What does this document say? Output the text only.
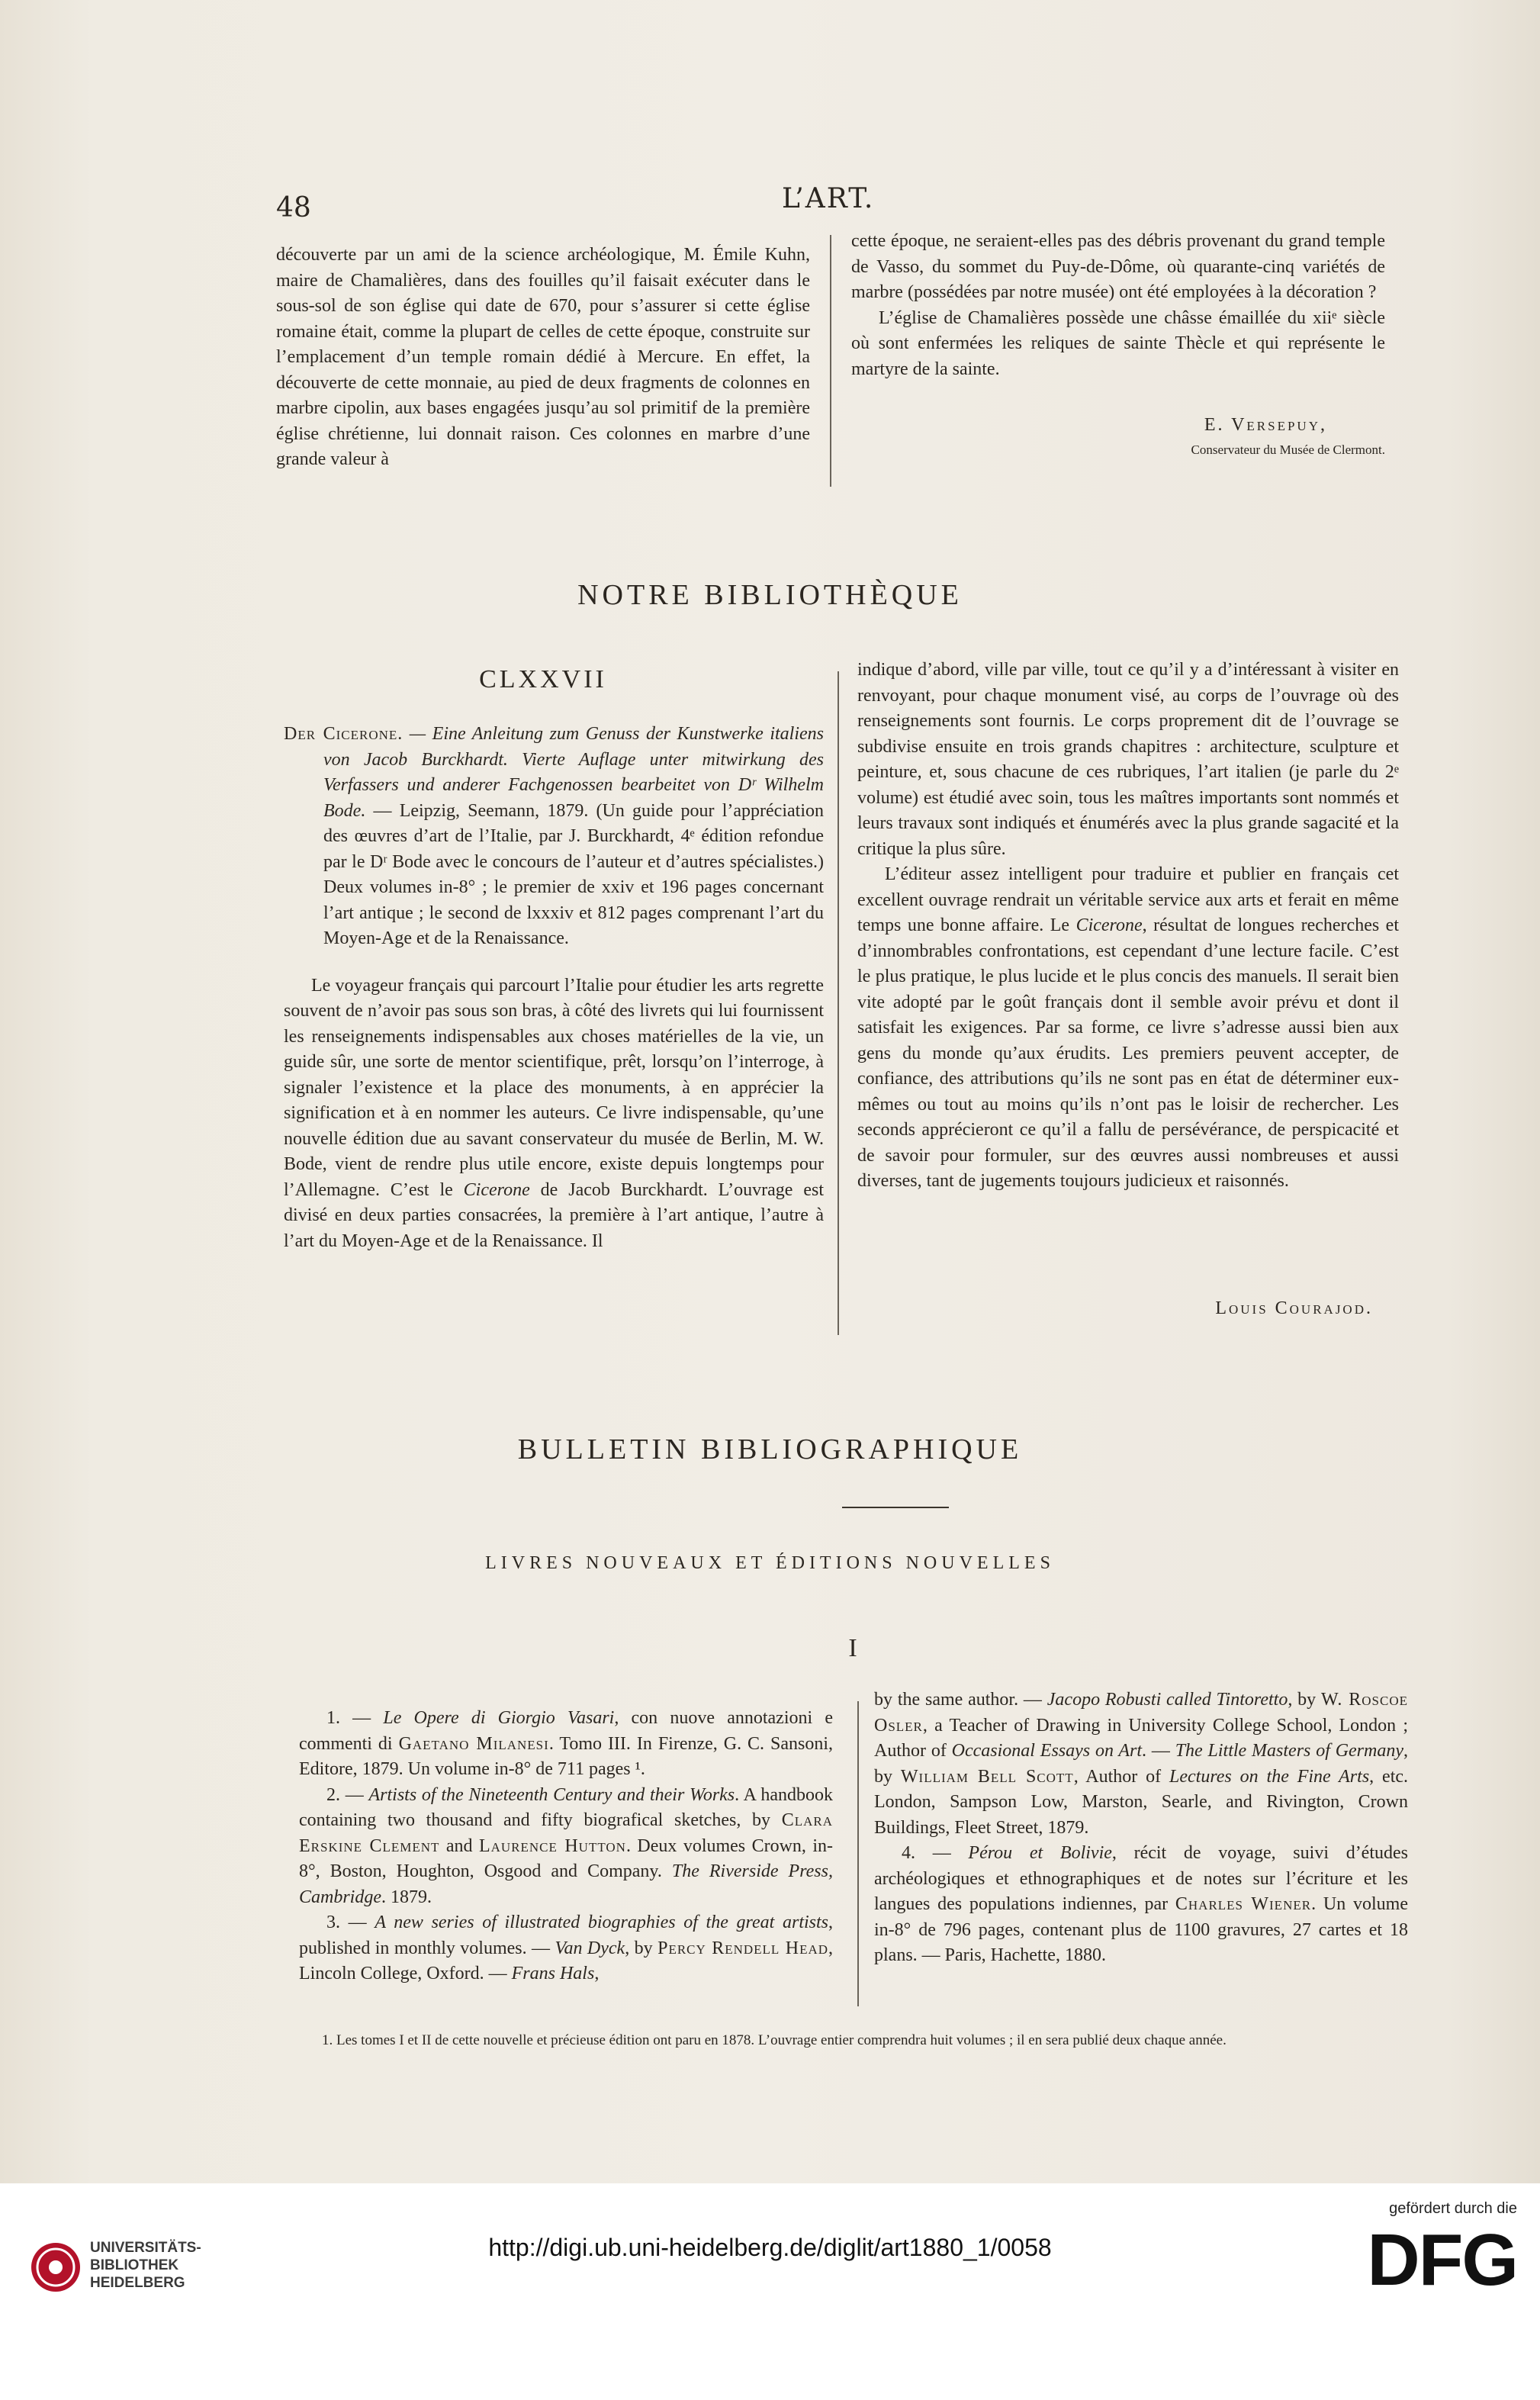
48	L’ART.

découverte par un ami de la science archéologique, M. Émile Kuhn, maire de Chamalières, dans des fouilles qu’il faisait exécuter dans le sous-sol de son église qui date de 670, pour s’assurer si cette église romaine était, comme la plupart de celles de cette époque, construite sur l’emplacement d’un temple romain dédié à Mercure. En effet, la découverte de cette monnaie, au pied de deux fragments de colonnes en marbre cipolin, aux bases engagées jusqu’au sol primitif de la première église chrétienne, lui donnait raison. Ces colonnes en marbre d’une grande valeur à

cette époque, ne seraient-elles pas des débris provenant du grand temple de Vasso, du sommet du Puy-de-Dôme, où quarante-cinq variétés de marbre (possédées par notre musée) ont été employées à la décoration ?

L’église de Chamalières possède une châsse émaillée du xiiᵉ siècle où sont enfermées les reliques de sainte Thècle et qui représente le martyre de la sainte.

E. Versepuy,
Conservateur du Musée de Clermont.
NOTRE BIBLIOTHÈQUE
CLXXVII

Der Cicerone. — Eine Anleitung zum Genuss der Kunstwerke italiens von Jacob Burckhardt. Vierte Auflage unter mitwirkung des Verfassers und anderer Fachgenossen bearbeitet von Dʳ Wilhelm Bode. — Leipzig, Seemann, 1879. (Un guide pour l’appréciation des œuvres d’art de l’Italie, par J. Burckhardt, 4ᵉ édition refondue par le Dʳ Bode avec le concours de l’auteur et d’autres spécialistes.) Deux volumes in-8° ; le premier de xxiv et 196 pages concernant l’art antique ; le second de lxxxiv et 812 pages comprenant l’art du Moyen-Age et de la Renaissance.

Le voyageur français qui parcourt l’Italie pour étudier les arts regrette souvent de n’avoir pas sous son bras, à côté des livrets qui lui fournissent les renseignements indispensables aux choses matérielles de la vie, un guide sûr, une sorte de mentor scientifique, prêt, lorsqu’on l’interroge, à signaler l’existence et la place des monuments, à en apprécier la signification et à en nommer les auteurs. Ce livre indispensable, qu’une nouvelle édition due au savant conservateur du musée de Berlin, M. W. Bode, vient de rendre plus utile encore, existe depuis longtemps pour l’Allemagne. C’est le Cicerone de Jacob Burckhardt. L’ouvrage est divisé en deux parties consacrées, la première à l’art antique, l’autre à l’art du Moyen-Age et de la Renaissance. Il

indique d’abord, ville par ville, tout ce qu’il y a d’intéressant à visiter en renvoyant, pour chaque monument visé, au corps de l’ouvrage où des renseignements sont fournis. Le corps proprement dit de l’ouvrage se subdivise ensuite en trois grands chapitres : architecture, sculpture et peinture, et, sous chacune de ces rubriques, l’art italien (je parle du 2ᵉ volume) est étudié avec soin, tous les maîtres importants sont nommés et leurs travaux sont indiqués et énumérés avec la plus grande sagacité et la critique la plus sûre.

L’éditeur assez intelligent pour traduire et publier en français cet excellent ouvrage rendrait un véritable service aux arts et ferait en même temps une bonne affaire. Le Cicerone, résultat de longues recherches et d’innombrables confrontations, est cependant d’une lecture facile. C’est le plus pratique, le plus lucide et le plus concis des manuels. Il serait bien vite adopté par le goût français dont il semble avoir prévu et dont il satisfait les exigences. Par sa forme, ce livre s’adresse aussi bien aux gens du monde qu’aux érudits. Les premiers peuvent accepter, de confiance, des attributions qu’ils ne sont pas en état de déterminer eux-mêmes ou tout au moins qu’ils n’ont pas le loisir de rechercher. Les seconds apprécieront ce qu’il a fallu de persévérance, de perspicacité et de savoir pour formuler, sur des œuvres aussi nombreuses et aussi diverses, tant de jugements toujours judicieux et raisonnés.

Louis Courajod.
BULLETIN BIBLIOGRAPHIQUE
LIVRES NOUVEAUX ET ÉDITIONS NOUVELLES
I

1. — Le Opere di Giorgio Vasari, con nuove annotazioni e commenti di Gaetano Milanesi. Tomo III. In Firenze, G. C. Sansoni, Editore, 1879. Un volume in-8° de 711 pages ¹.

2. — Artists of the Nineteenth Century and their Works. A handbook containing two thousand and fifty biografical sketches, by Clara Erskine Clement and Laurence Hutton. Deux volumes Crown, in-8°, Boston, Houghton, Osgood and Company. The Riverside Press, Cambridge. 1879.

3. — A new series of illustrated biographies of the great artists, published in monthly volumes. — Van Dyck, by Percy Rendell Head, Lincoln College, Oxford. — Frans Hals,

by the same author. — Jacopo Robusti called Tintoretto, by W. Roscoe Osler, a Teacher of Drawing in University College School, London ; Author of Occasional Essays on Art. — The Little Masters of Germany, by William Bell Scott, Author of Lectures on the Fine Arts, etc. London, Sampson Low, Marston, Searle, and Rivington, Crown Buildings, Fleet Street, 1879.

4. — Pérou et Bolivie, récit de voyage, suivi d’études archéologiques et ethnographiques et de notes sur l’écriture et les langues des populations indiennes, par Charles Wiener. Un volume in-8° de 796 pages, contenant plus de 1100 gravures, 27 cartes et 18 plans. — Paris, Hachette, 1880.

1. Les tomes I et II de cette nouvelle et précieuse édition ont paru en 1878. L’ouvrage entier comprendra huit volumes ; il en sera publié deux chaque année.
UNIVERSITÄTS-
BIBLIOTHEK
HEIDELBERG
http://digi.ub.uni-heidelberg.de/diglit/art1880_1/0058
gefördert durch die
DFG
